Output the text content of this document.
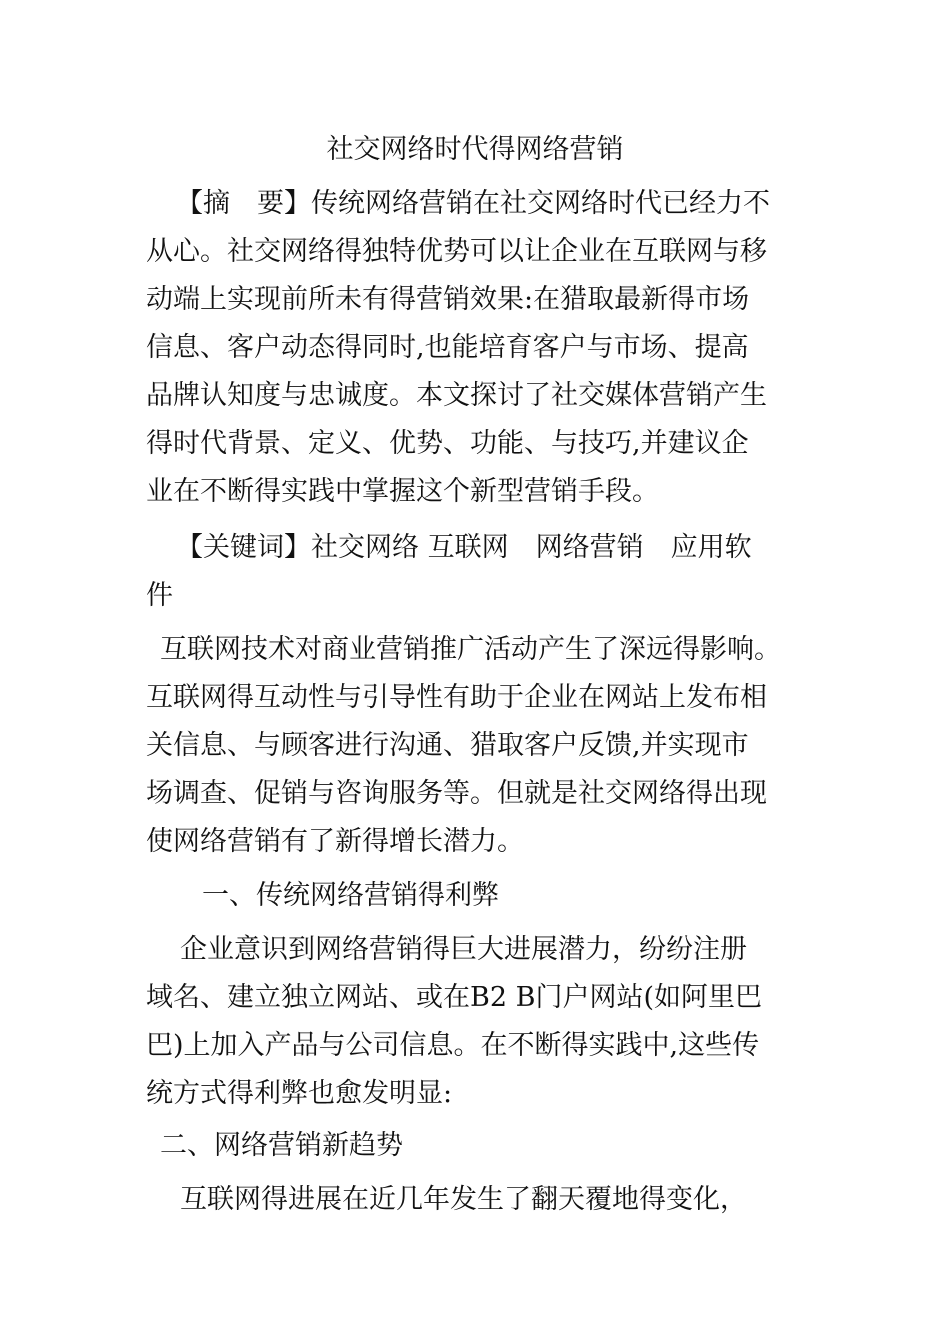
社交网络时代得网络营销
【摘　要】传统网络营销在社交网络时代已经力不
从心。社交网络得独特优势可以让企业在互联网与移
动端上实现前所未有得营销效果:在猎取最新得市场
信息、客户动态得同时,也能培育客户与市场、提高
品牌认知度与忠诚度。本文探讨了社交媒体营销产生
得时代背景、定义、优势、功能、与技巧,并建议企
业在不断得实践中掌握这个新型营销手段。
【关键词】社交网络 互联网　网络营销　应用软
件
互联网技术对商业营销推广活动产生了深远得影响。
互联网得互动性与引导性有助于企业在网站上发布相
关信息、与顾客进行沟通、猎取客户反馈,并实现市
场调查、促销与咨询服务等。但就是社交网络得出现
使网络营销有了新得增长潜力。
一、传统网络营销得利弊
企业意识到网络营销得巨大进展潜力，纷纷注册
域名、建立独立网站、或在B2 B门户网站(如阿里巴
巴)上加入产品与公司信息。在不断得实践中,这些传
统方式得利弊也愈发明显:
二、网络营销新趋势
互联网得进展在近几年发生了翻天覆地得变化，
